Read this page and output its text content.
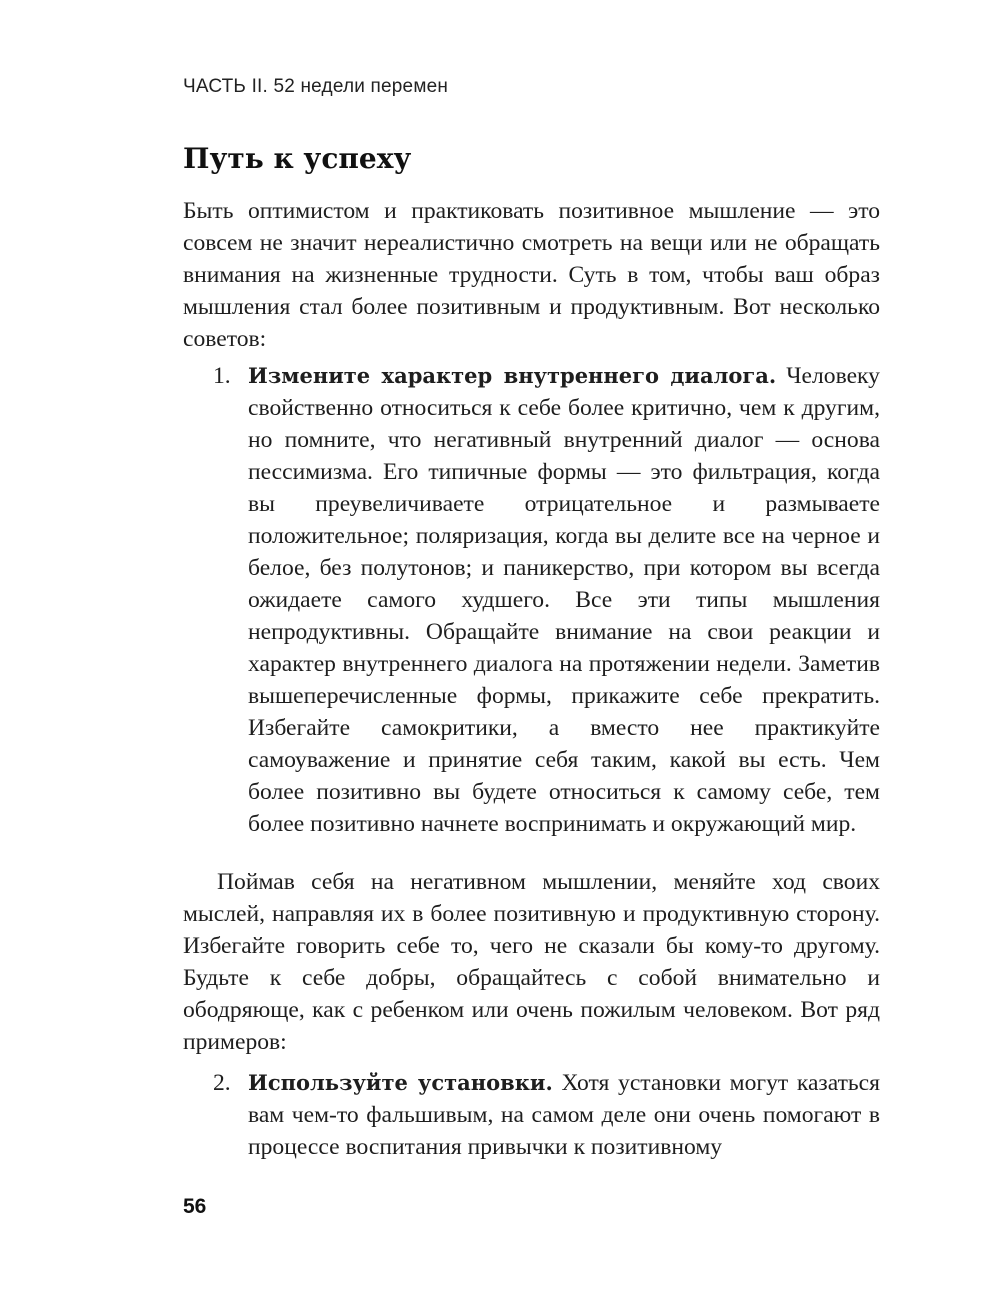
ЧАСТЬ II. 52 недели перемен
Путь к успеху

Быть оптимистом и практиковать позитивное мышление — это совсем не значит нереалистично смотреть на вещи или не обращать внимания на жизненные трудности. Суть в том, чтобы ваш образ мышления стал более позитивным и продуктивным. Вот несколько советов:

1. Измените характер внутреннего диалога. Человеку свойственно относиться к себе более критично, чем к другим, но помните, что негативный внутренний диалог — основа пессимизма. Его типичные формы — это фильтрация, когда вы преувеличиваете отрицательное и размываете положительное; поляризация, когда вы делите все на черное и белое, без полутонов; и паникерство, при котором вы всегда ожидаете самого худшего. Все эти типы мышления непродуктивны. Обращайте внимание на свои реакции и характер внутреннего диалога на протяжении недели. Заметив вышеперечисленные формы, прикажите себе прекратить. Избегайте самокритики, а вместо нее практикуйте самоуважение и принятие себя таким, какой вы есть. Чем более позитивно вы будете относиться к самому себе, тем более позитивно начнете воспринимать и окружающий мир.

Поймав себя на негативном мышлении, меняйте ход своих мыслей, направляя их в более позитивную и продуктивную сторону. Избегайте говорить себе то, чего не сказали бы кому-то другому. Будьте к себе добры, обращайтесь с собой внимательно и ободряюще, как с ребенком или очень пожилым человеком. Вот ряд примеров:

2. Используйте установки. Хотя установки могут казаться вам чем-то фальшивым, на самом деле они очень помогают в процессе воспитания привычки к позитивному
56
